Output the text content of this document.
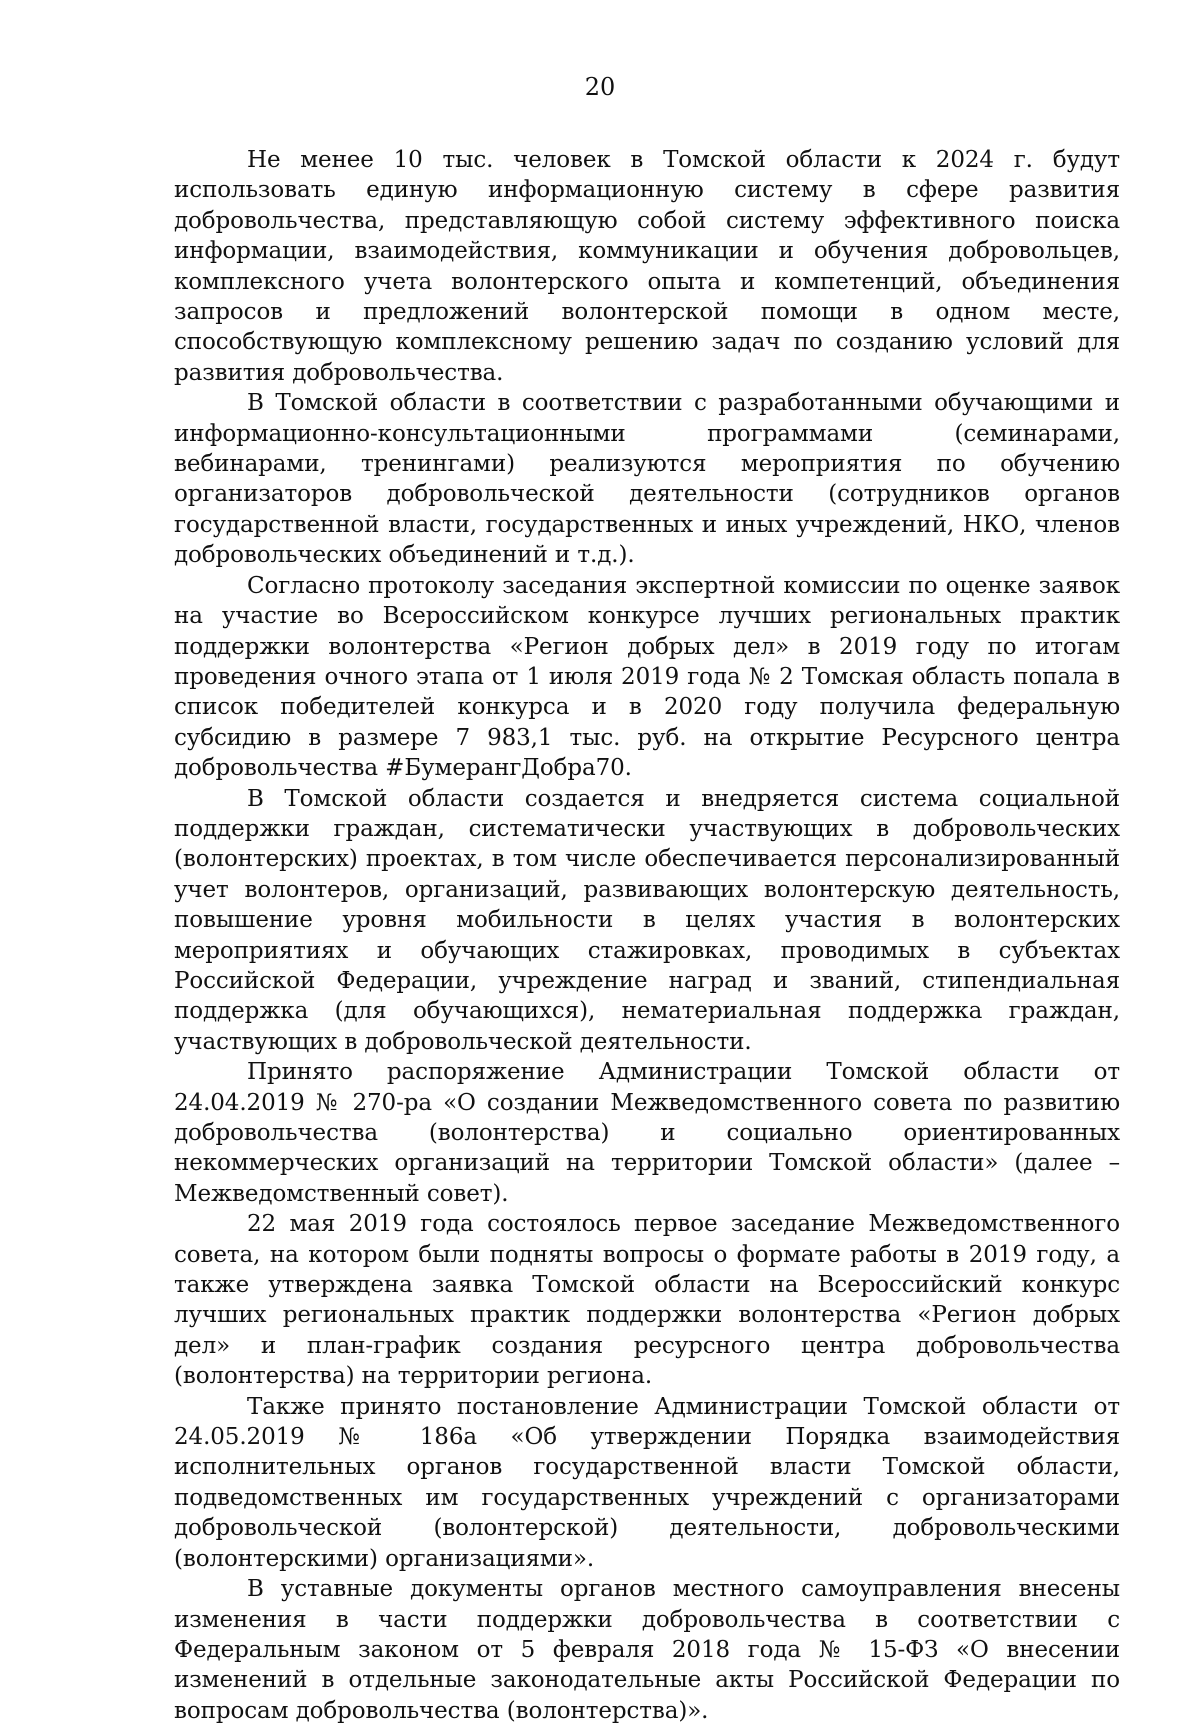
20

Не менее 10 тыс. человек в Томской области к 2024 г. будут использовать единую информационную систему в сфере развития добровольчества, представляющую собой систему эффективного поиска информации, взаимодействия, коммуникации и обучения добровольцев, комплексного учета волонтерского опыта и компетенций, объединения запросов и предложений волонтерской помощи в одном месте, способствующую комплексному решению задач по созданию условий для развития добровольчества.

В Томской области в соответствии с разработанными обучающими и информационно-консультационными программами (семинарами, вебинарами, тренингами) реализуются мероприятия по обучению организаторов добровольческой деятельности (сотрудников органов государственной власти, государственных и иных учреждений, НКО, членов добровольческих объединений и т.д.).

Согласно протоколу заседания экспертной комиссии по оценке заявок на участие во Всероссийском конкурсе лучших региональных практик поддержки волонтерства «Регион добрых дел» в 2019 году по итогам проведения очного этапа от 1 июля 2019 года № 2 Томская область попала в список победителей конкурса и в 2020 году получила федеральную субсидию в размере 7 983,1 тыс. руб. на открытие Ресурсного центра добровольчества #БумерангДобра70.

В Томской области создается и внедряется система социальной поддержки граждан, систематически участвующих в добровольческих (волонтерских) проектах, в том числе обеспечивается персонализированный учет волонтеров, организаций, развивающих волонтерскую деятельность, повышение уровня мобильности в целях участия в волонтерских мероприятиях и обучающих стажировках, проводимых в субъектах Российской Федерации, учреждение наград и званий, стипендиальная поддержка (для обучающихся), нематериальная поддержка граждан, участвующих в добровольческой деятельности.

Принято распоряжение Администрации Томской области от 24.04.2019 № 270-ра «О создании Межведомственного совета по развитию добровольчества (волонтерства) и социально ориентированных некоммерческих организаций на территории Томской области» (далее – Межведомственный совет).

22 мая 2019 года состоялось первое заседание Межведомственного совета, на котором были подняты вопросы о формате работы в 2019 году, а также утверждена заявка Томской области на Всероссийский конкурс лучших региональных практик поддержки волонтерства «Регион добрых дел» и план-график создания ресурсного центра добровольчества (волонтерства) на территории региона.

Также принято постановление Администрации Томской области от 24.05.2019 № 186а «Об утверждении Порядка взаимодействия исполнительных органов государственной власти Томской области, подведомственных им государственных учреждений с организаторами добровольческой (волонтерской) деятельности, добровольческими (волонтерскими) организациями».

В уставные документы органов местного самоуправления внесены изменения в части поддержки добровольчества в соответствии с Федеральным законом от 5 февраля 2018 года № 15-ФЗ «О внесении изменений в отдельные законодательные акты Российской Федерации по вопросам добровольчества (волонтерства)».
